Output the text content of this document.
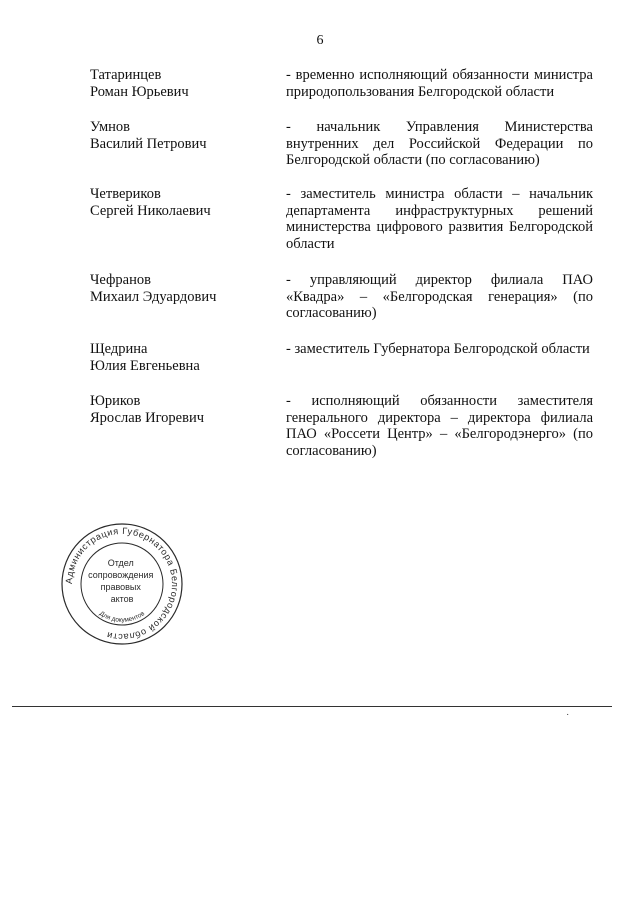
6
Татаринцев
Роман Юрьевич
- временно исполняющий обязанности министра природопользования Белгородской области
Умнов
Василий Петрович
- начальник Управления Министерства внутренних дел Российской Федерации по Белгородской области (по согласованию)
Четвериков
Сергей Николаевич
- заместитель министра области – начальник департамента инфраструктурных решений министерства цифрового развития Белгородской области
Чефранов
Михаил Эдуардович
- управляющий директор филиала ПАО «Квадра» – «Белгородская генерация» (по согласованию)
Щедрина
Юлия Евгеньевна
- заместитель Губернатора Белгородской области
Юриков
Ярослав Игоревич
- исполняющий обязанности заместителя генерального директора – директора филиала ПАО «Россети Центр» – «Белгородэнерго» (по согласованию)
Администрация Губернатора Белгородской области
Отдел сопровождения правовых актов
Для документов
˙
